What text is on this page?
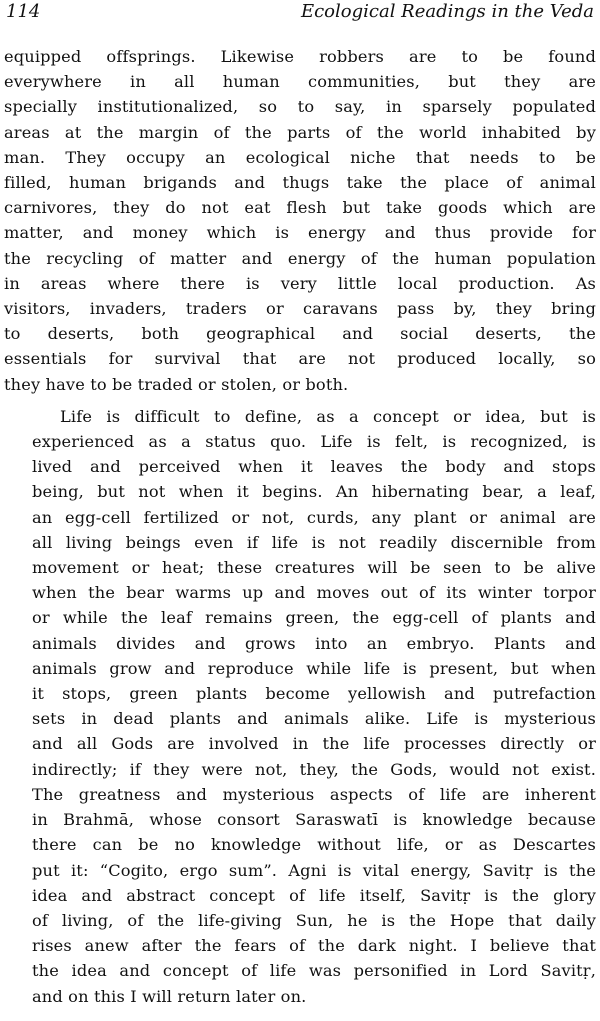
114	Ecological Readings in the Veda
equipped offsprings. Likewise robbers are to be found
everywhere in all human communities, but they are
specially institutionalized, so to say, in sparsely populated
areas at the margin of the parts of the world inhabited by
man. They occupy an ecological niche that needs to be
filled, human brigands and thugs take the place of animal
carnivores, they do not eat flesh but take goods which are
matter, and money which is energy and thus provide for
the recycling of matter and energy of the human population
in areas where there is very little local production. As
visitors, invaders, traders or caravans pass by, they bring
to deserts, both geographical and social deserts, the
essentials for survival that are not produced locally, so
they have to be traded or stolen, or both.
Life is difficult to define, as a concept or idea, but is
experienced as a status quo. Life is felt, is recognized, is
lived and perceived when it leaves the body and stops
being, but not when it begins. An hibernating bear, a leaf,
an egg-cell fertilized or not, curds, any plant or animal are
all living beings even if life is not readily discernible from
movement or heat; these creatures will be seen to be alive
when the bear warms up and moves out of its winter torpor
or while the leaf remains green, the egg-cell of plants and
animals divides and grows into an embryo. Plants and
animals grow and reproduce while life is present, but when
it stops, green plants become yellowish and putrefaction
sets in dead plants and animals alike. Life is mysterious
and all Gods are involved in the life processes directly or
indirectly; if they were not, they, the Gods, would not exist.
The greatness and mysterious aspects of life are inherent
in Brahmā, whose consort Saraswatī is knowledge because
there can be no knowledge without life, or as Descartes
put it: “Cogito, ergo sum”. Agni is vital energy, Savitṛ is the
idea and abstract concept of life itself, Savitṛ is the glory
of living, of the life-giving Sun, he is the Hope that daily
rises anew after the fears of the dark night. I believe that
the idea and concept of life was personified in Lord Savitṛ,
and on this I will return later on.
